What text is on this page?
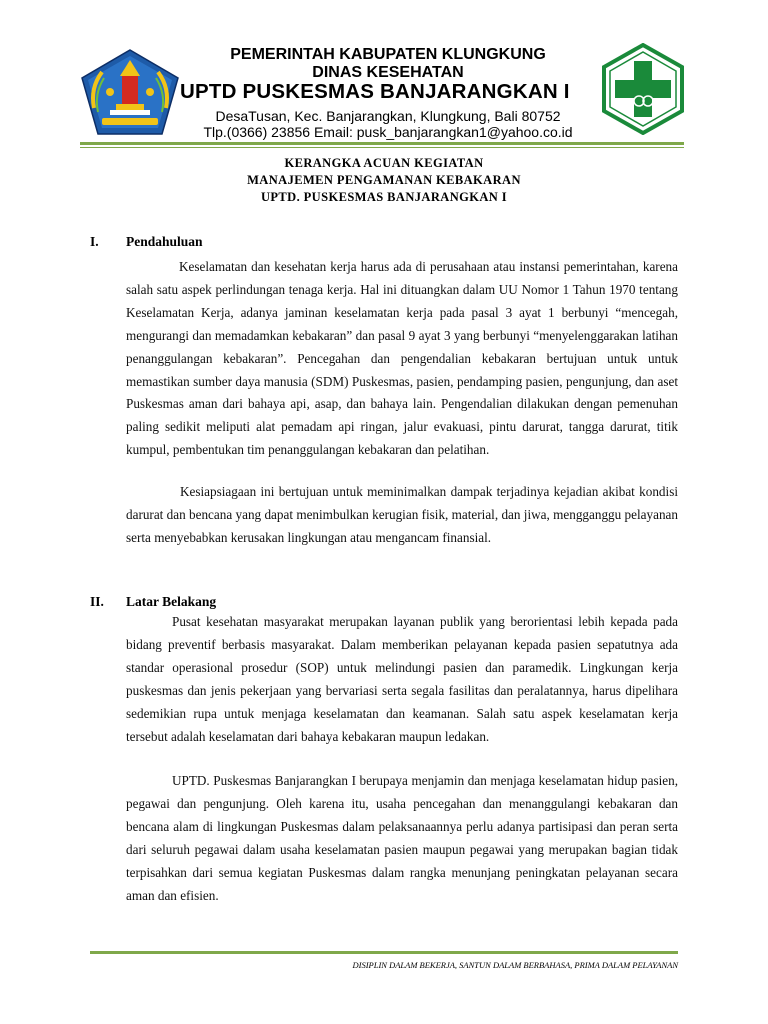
PEMERINTAH KABUPATEN KLUNGKUNG
DINAS KESEHATAN
UPTD PUSKESMAS BANJARANGKAN I
DesaTusan, Kec. Banjarangkan, Klungkung, Bali 80752
Tlp.(0366) 23856 Email: pusk_banjarangkan1@yahoo.co.id
KERANGKA ACUAN KEGIATAN
MANAJEMEN PENGAMANAN KEBAKARAN
UPTD. PUSKESMAS BANJARANGKAN I
I. Pendahuluan

Keselamatan dan kesehatan kerja harus ada di perusahaan atau instansi pemerintahan, karena salah satu aspek perlindungan tenaga kerja. Hal ini dituangkan dalam UU Nomor 1 Tahun 1970 tentang Keselamatan Kerja, adanya jaminan keselamatan kerja pada pasal 3 ayat 1 berbunyi “mencegah, mengurangi dan memadamkan kebakaran” dan pasal 9 ayat 3 yang berbunyi “menyelenggarakan latihan penanggulangan kebakaran”. Pencegahan dan pengendalian kebakaran bertujuan untuk untuk memastikan sumber daya manusia (SDM) Puskesmas, pasien, pendamping pasien, pengunjung, dan aset Puskesmas aman dari bahaya api, asap, dan bahaya lain. Pengendalian dilakukan dengan pemenuhan paling sedikit meliputi alat pemadam api ringan, jalur evakuasi, pintu darurat, tangga darurat, titik kumpul, pembentukan tim penanggulangan kebakaran dan pelatihan.

Kesiapsiagaan ini bertujuan untuk meminimalkan dampak terjadinya kejadian akibat kondisi darurat dan bencana yang dapat menimbulkan kerugian fisik, material, dan jiwa, mengganggu pelayanan serta menyebabkan kerusakan lingkungan atau mengancam finansial.

II. Latar Belakang

Pusat kesehatan masyarakat merupakan layanan publik yang berorientasi lebih kepada pada bidang preventif berbasis masyarakat. Dalam memberikan pelayanan kepada pasien sepatutnya ada standar operasional prosedur (SOP) untuk melindungi pasien dan paramedik. Lingkungan kerja puskesmas dan jenis pekerjaan yang bervariasi serta segala fasilitas dan peralatannya, harus dipelihara sedemikian rupa untuk menjaga keselamatan dan keamanan. Salah satu aspek keselamatan kerja tersebut adalah keselamatan dari bahaya kebakaran maupun ledakan.

UPTD. Puskesmas Banjarangkan I berupaya menjamin dan menjaga keselamatan hidup pasien, pegawai dan pengunjung. Oleh karena itu, usaha pencegahan dan menanggulangi kebakaran dan bencana alam di lingkungan Puskesmas dalam pelaksanaannya perlu adanya partisipasi dan peran serta dari seluruh pegawai dalam usaha keselamatan pasien maupun pegawai yang merupakan bagian tidak terpisahkan dari semua kegiatan Puskesmas dalam rangka menunjang peningkatan pelayanan secara aman dan efisien.

DISIPLIN DALAM BEKERJA, SANTUN DALAM BERBAHASA, PRIMA DALAM PELAYANAN
